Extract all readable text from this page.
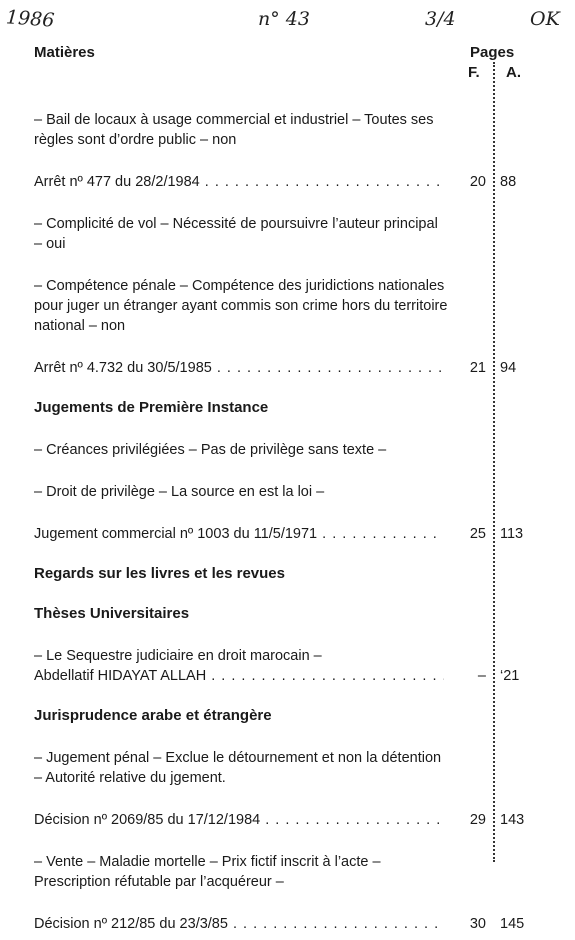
1986	n° 43	3/4	OK
Matières	Pages
F. A.

– Bail de locaux à usage commercial et industriel – Toutes ses règles sont d’ordre public – non

Arrêt nº 477 du 28/2/1984 . . .	20 88

– Complicité de vol – Nécessité de poursuivre l’auteur principal – oui

– Compétence pénale – Compétence des juridictions nationales pour juger un étranger ayant commis son crime hors du territoire national – non

Arrêt nº 4.732 du 30/5/1985 . . .	21 94

Jugements de Première Instance

– Créances privilégiées – Pas de privilège sans texte –

– Droit de privilège – La source en est la loi –

Jugement commercial nº 1003 du 11/5/1971 . . .	25 113

Regards sur les livres et les revues

Thèses Universitaires

– Le Sequestre judiciaire en droit marocain –

Abdellatif HIDAYAT ALLAH . . .	– ‘21

Jurisprudence arabe et étrangère

– Jugement pénal – Exclue le détournement et non la détention – Autorité relative du jgement.

Décision nº 2069/85 du 17/12/1984 . . .	29 143

– Vente – Maladie mortelle – Prix fictif inscrit à l’acte – Prescription réfutable par l’acquéreur –

Décision nº 212/85 du 23/3/85 . . .	30 145
